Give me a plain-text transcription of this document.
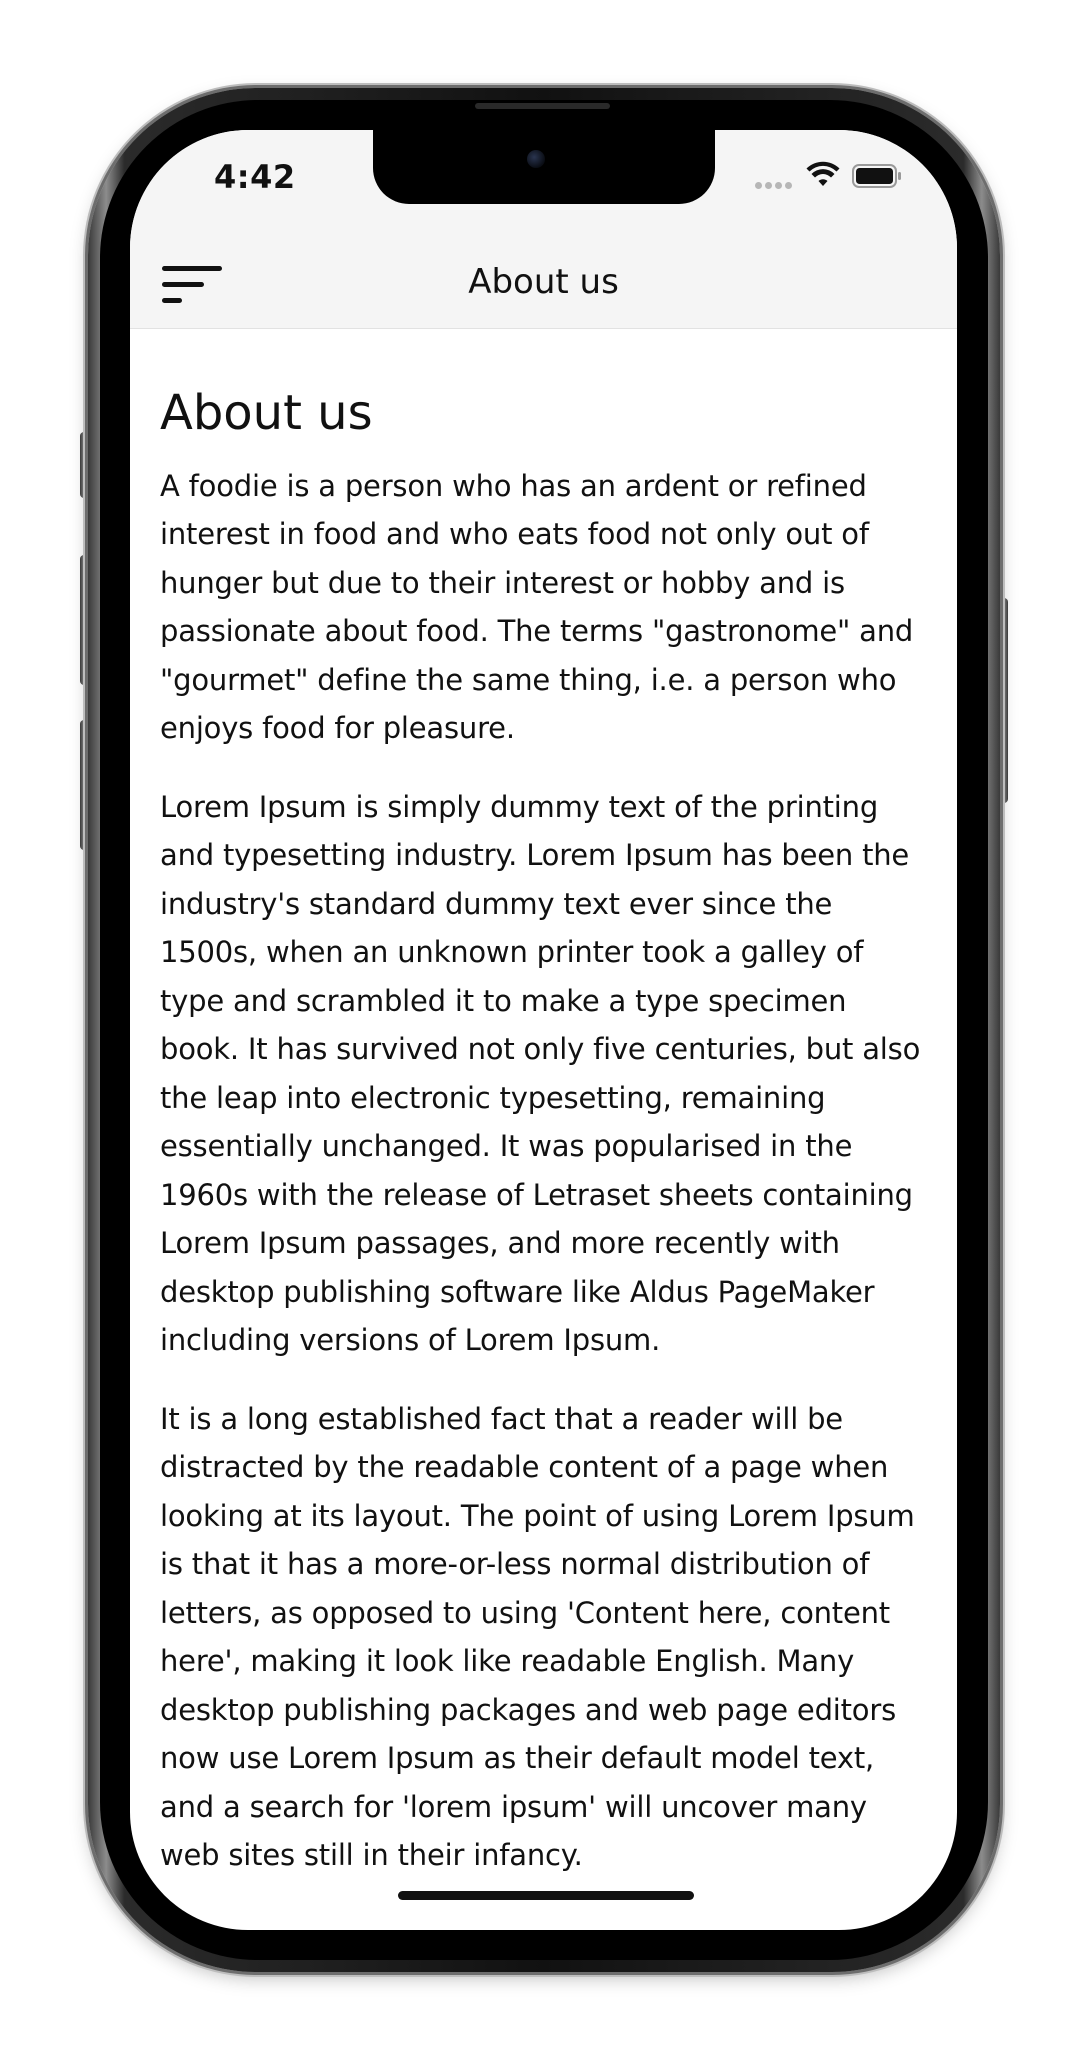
4:42
About us
About us

A foodie is a person who has an ardent or refined interest in food and who eats food not only out of hunger but due to their interest or hobby and is passionate about food. The terms "gastronome" and "gourmet" define the same thing, i.e. a person who enjoys food for pleasure.

Lorem Ipsum is simply dummy text of the printing and typesetting industry. Lorem Ipsum has been the industry's standard dummy text ever since the 1500s, when an unknown printer took a galley of type and scrambled it to make a type specimen book. It has survived not only five centuries, but also the leap into electronic typesetting, remaining essentially unchanged. It was popularised in the 1960s with the release of Letraset sheets containing Lorem Ipsum passages, and more recently with desktop publishing software like Aldus PageMaker including versions of Lorem Ipsum.

It is a long established fact that a reader will be distracted by the readable content of a page when looking at its layout. The point of using Lorem Ipsum is that it has a more-or-less normal distribution of letters, as opposed to using 'Content here, content here', making it look like readable English. Many desktop publishing packages and web page editors now use Lorem Ipsum as their default model text, and a search for 'lorem ipsum' will uncover many web sites still in their infancy.
